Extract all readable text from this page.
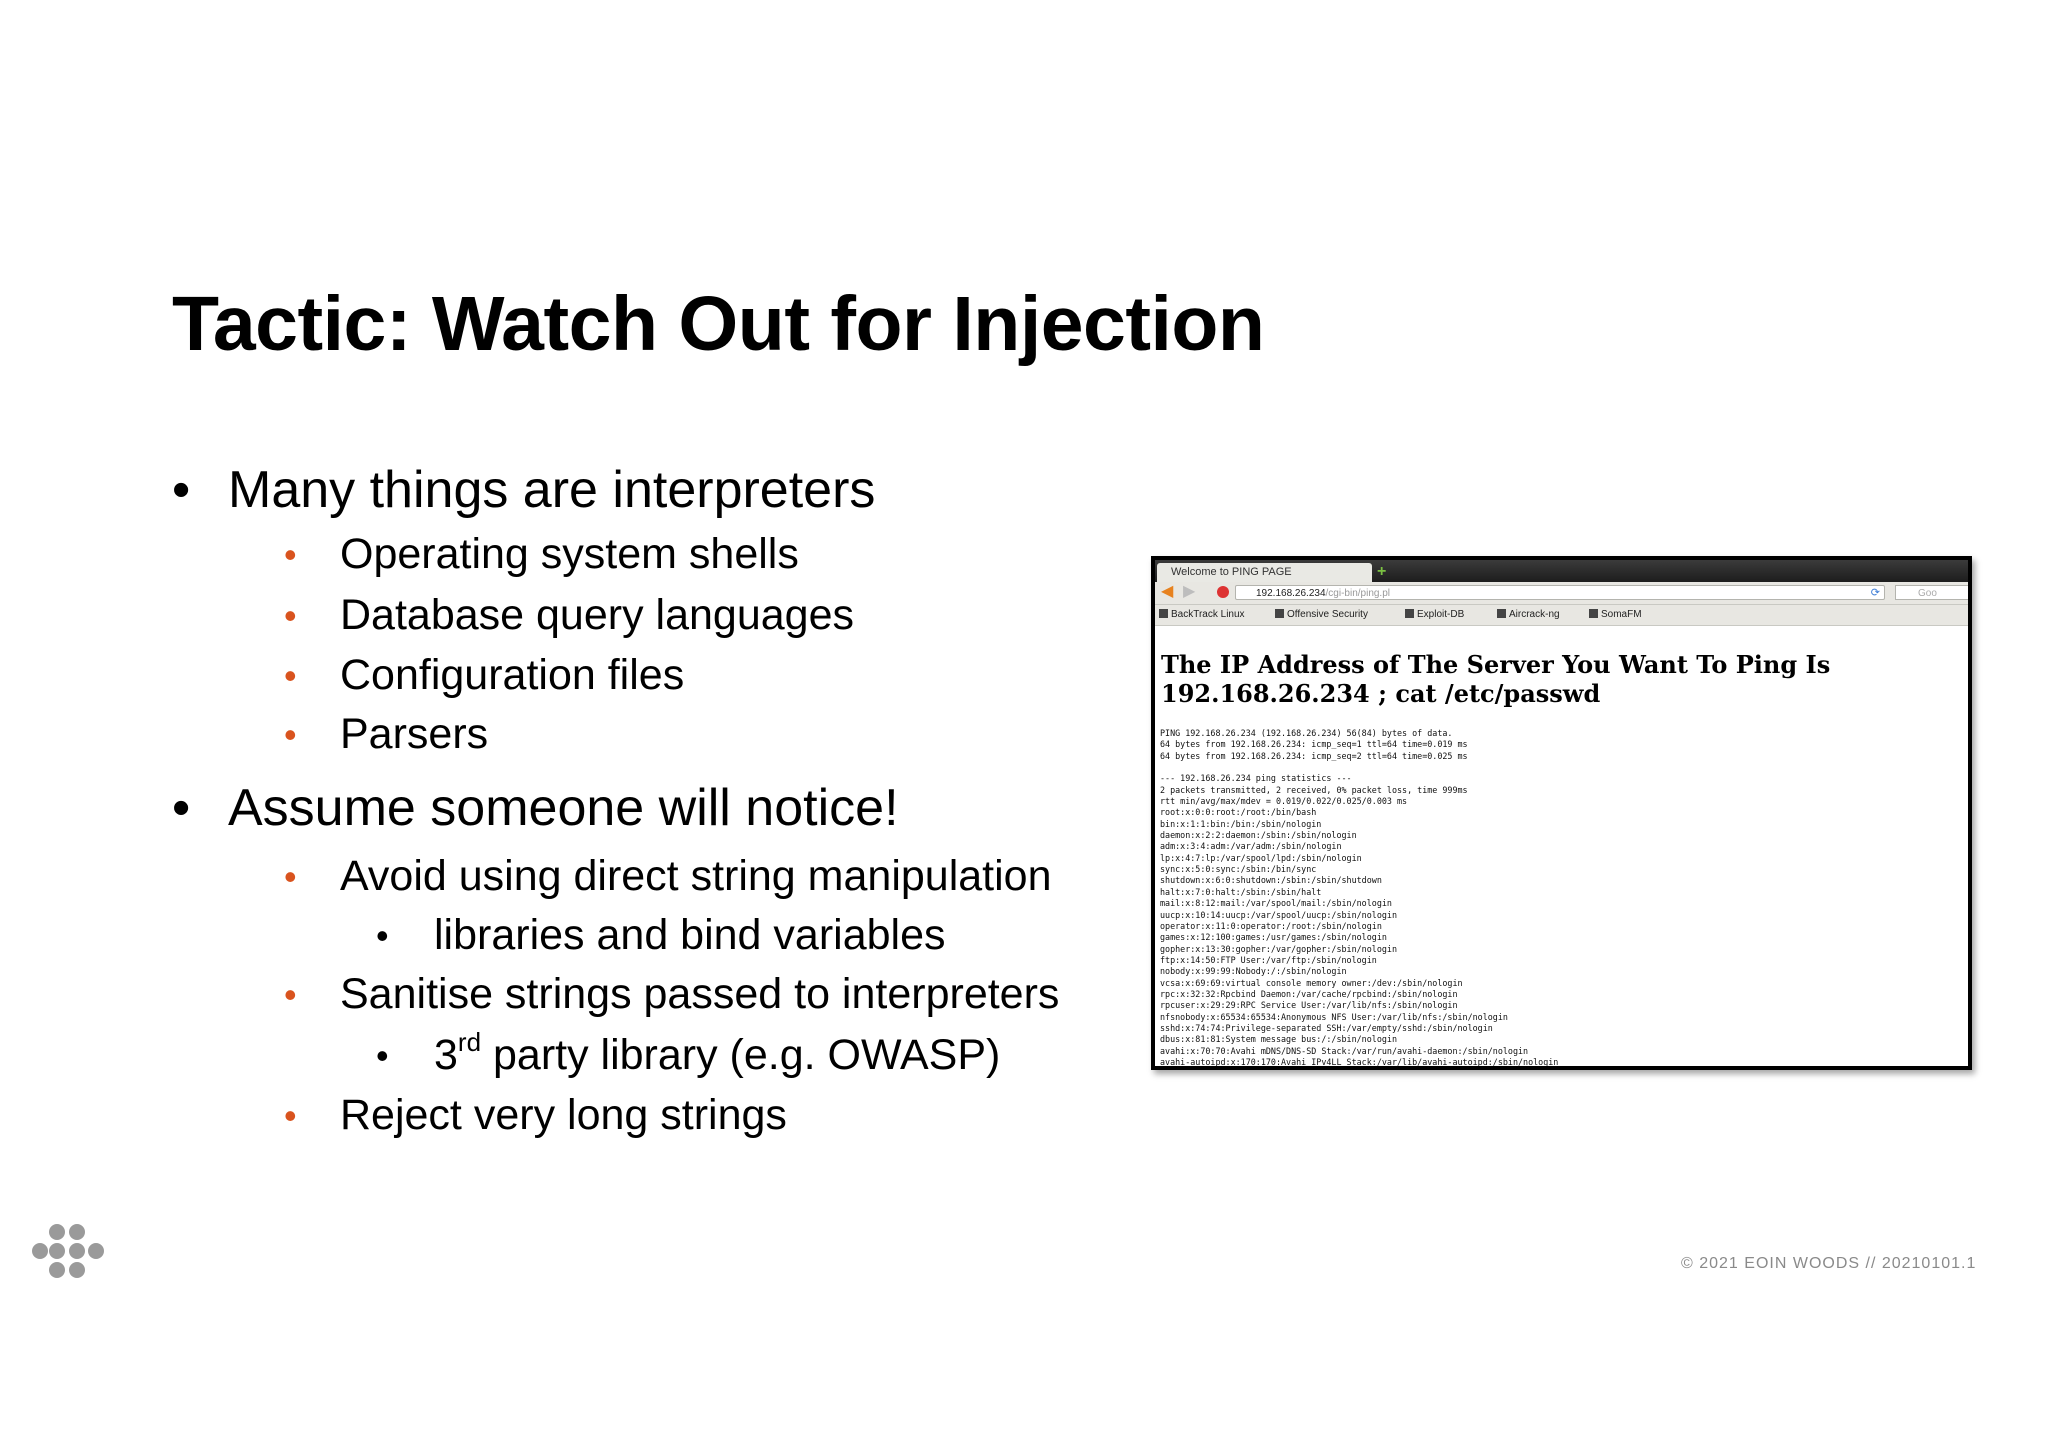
Tactic: Watch Out for Injection
• Many things are interpreters
• Operating system shells
• Database query languages
• Configuration files
• Parsers
• Assume someone will notice!
• Avoid using direct string manipulation
• libraries and bind variables
• Sanitise strings passed to interpreters
• 3rd party library (e.g. OWASP)
• Reject very long strings
Welcome to PING PAGE	+
◀ ▶	192.168.26.234/cgi-bin/ping.pl	⟳	Goo
BackTrack Linux	Offensive Security	Exploit-DB	Aircrack-ng	SomaFM
The IP Address of The Server You Want To Ping Is 192.168.26.234 ; cat /etc/passwd
PING 192.168.26.234 (192.168.26.234) 56(84) bytes of data.
64 bytes from 192.168.26.234: icmp_seq=1 ttl=64 time=0.019 ms
64 bytes from 192.168.26.234: icmp_seq=2 ttl=64 time=0.025 ms

--- 192.168.26.234 ping statistics ---
2 packets transmitted, 2 received, 0% packet loss, time 999ms
rtt min/avg/max/mdev = 0.019/0.022/0.025/0.003 ms
root:x:0:0:root:/root:/bin/bash
bin:x:1:1:bin:/bin:/sbin/nologin
daemon:x:2:2:daemon:/sbin:/sbin/nologin
adm:x:3:4:adm:/var/adm:/sbin/nologin
lp:x:4:7:lp:/var/spool/lpd:/sbin/nologin
sync:x:5:0:sync:/sbin:/bin/sync
shutdown:x:6:0:shutdown:/sbin:/sbin/shutdown
halt:x:7:0:halt:/sbin:/sbin/halt
mail:x:8:12:mail:/var/spool/mail:/sbin/nologin
uucp:x:10:14:uucp:/var/spool/uucp:/sbin/nologin
operator:x:11:0:operator:/root:/sbin/nologin
games:x:12:100:games:/usr/games:/sbin/nologin
gopher:x:13:30:gopher:/var/gopher:/sbin/nologin
ftp:x:14:50:FTP User:/var/ftp:/sbin/nologin
nobody:x:99:99:Nobody:/:/sbin/nologin
vcsa:x:69:69:virtual console memory owner:/dev:/sbin/nologin
rpc:x:32:32:Rpcbind Daemon:/var/cache/rpcbind:/sbin/nologin
rpcuser:x:29:29:RPC Service User:/var/lib/nfs:/sbin/nologin
nfsnobody:x:65534:65534:Anonymous NFS User:/var/lib/nfs:/sbin/nologin
sshd:x:74:74:Privilege-separated SSH:/var/empty/sshd:/sbin/nologin
dbus:x:81:81:System message bus:/:/sbin/nologin
avahi:x:70:70:Avahi mDNS/DNS-SD Stack:/var/run/avahi-daemon:/sbin/nologin
avahi-autoipd:x:170:170:Avahi IPv4LL Stack:/var/lib/avahi-autoipd:/sbin/nologin
© 2021 EOIN WOODS // 20210101.1
